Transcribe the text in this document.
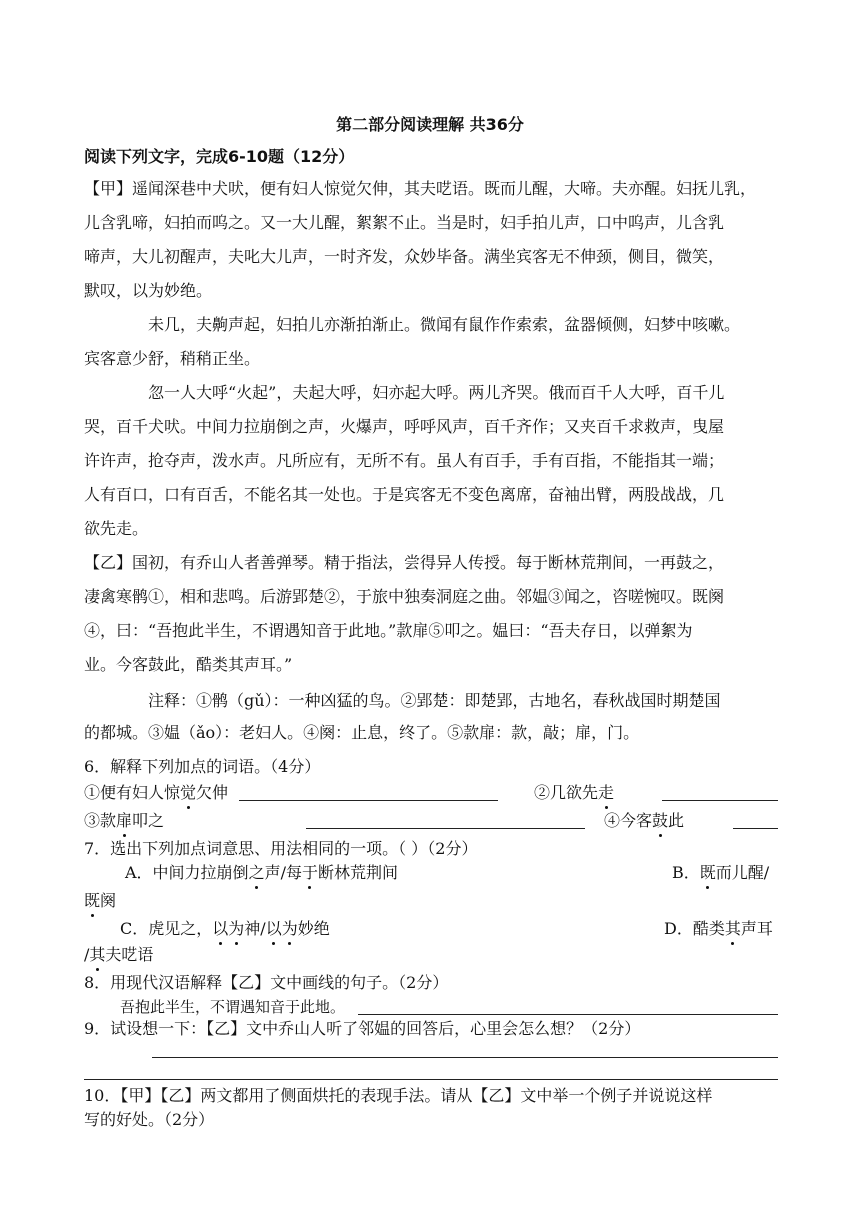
第二部分阅读理解 共36分
阅读下列文字，完成6-10题（12分）
【甲】遥闻深巷中犬吠，便有妇人惊觉欠伸，其夫呓语。既而儿醒，大啼。夫亦醒。妇抚儿乳，
儿含乳啼，妇拍而呜之。又一大儿醒，絮絮不止。当是时，妇手拍儿声，口中呜声，儿含乳
啼声，大儿初醒声，夫叱大儿声，一时齐发，众妙毕备。满坐宾客无不伸颈，侧目，微笑，
默叹，以为妙绝。
未几，夫齁声起，妇拍儿亦渐拍渐止。微闻有鼠作作索索，盆器倾侧，妇梦中咳嗽。
宾客意少舒，稍稍正坐。
忽一人大呼“火起”，夫起大呼，妇亦起大呼。两儿齐哭。俄而百千人大呼，百千儿
哭，百千犬吠。中间力拉崩倒之声，火爆声，呼呼风声，百千齐作；又夹百千求救声，曳屋
许许声，抢夺声，泼水声。凡所应有，无所不有。虽人有百手，手有百指，不能指其一端；
人有百口，口有百舌，不能名其一处也。于是宾客无不变色离席，奋袖出臂，两股战战，几
欲先走。
【乙】国初，有乔山人者善弹琴。精于指法，尝得异人传授。每于断林荒荆间，一再鼓之，
凄禽寒鹘①，相和悲鸣。后游郢楚②，于旅中独奏洞庭之曲。邻媪③闻之，咨嗟惋叹。既阕
④，曰：“吾抱此半生，不谓遇知音于此地。”款扉⑤叩之。媪曰：“吾夫存日，以弹絮为
业。今客鼓此，酷类其声耳。”
注释：①鹘（gǔ）：一种凶猛的鸟。②郢楚：即楚郢，古地名，春秋战国时期楚国
的都城。③媪（ǎo）：老妇人。④阕：止息，终了。⑤款扉：款，敲；扉，门。
6．解释下列加点的词语。（4分）
①便有妇人惊觉欠伸	②几欲先走
③款扉叩之	④今客鼓此
7．选出下列加点词意思、用法相同的一项。（ ）（2分）
A．中间力拉崩倒之声/每于断林荒荆间	B．既而儿醒/
既阕
C．虎见之，以为神/以为妙绝	D．酷类其声耳
/其夫呓语
8．用现代汉语解释【乙】文中画线的句子。（2分）
吾抱此半生，不谓遇知音于此地。
9．试设想一下：【乙】文中乔山人听了邻媪的回答后，心里会怎么想？（2分）
10．【甲】【乙】两文都用了侧面烘托的表现手法。请从【乙】文中举一个例子并说说这样
写的好处。（2分）
